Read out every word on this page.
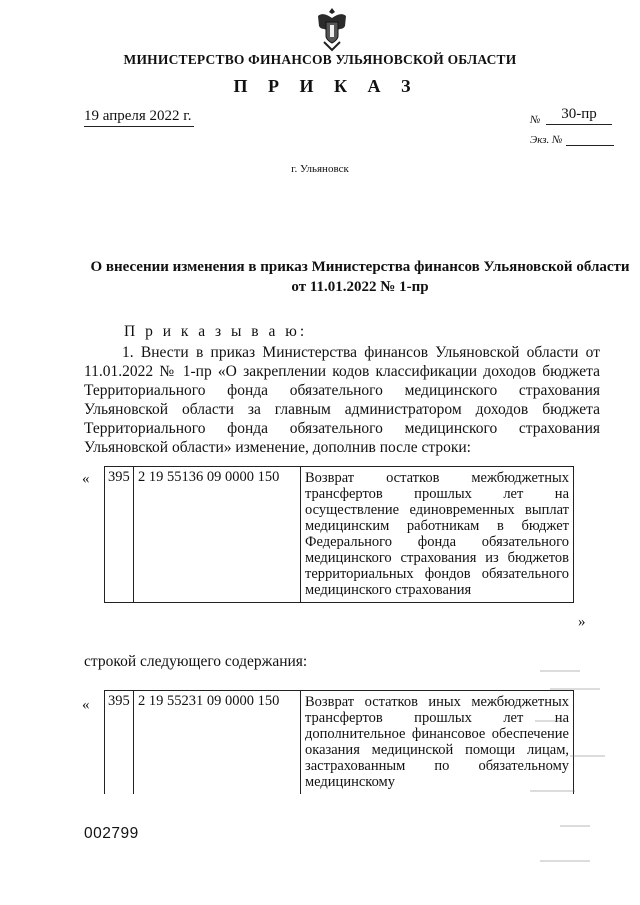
МИНИСТЕРСТВО ФИНАНСОВ УЛЬЯНОВСКОЙ ОБЛАСТИ
П Р И К А З
19 апреля 2022 г.	№	30-пр
Экз. №
г. Ульяновск
О внесении изменения в приказ Министерства финансов Ульяновской области от 11.01.2022 № 1-пр
П р и к а з ы в а ю:
1. Внести в приказ Министерства финансов Ульяновской области от 11.01.2022 № 1-пр «О закреплении кодов классификации доходов бюджета Территориального фонда обязательного медицинского страхования Ульяновской области за главным администратором доходов бюджета Территориального фонда обязательного медицинского страхования Ульяновской области» изменение, дополнив после строки:
« 395	2 19 55136 09 0000 150	Возврат остатков межбюджетных трансфертов прошлых лет на осуществление единовременных выплат медицинским работникам в бюджет Федерального фонда обязательного медицинского страхования из бюджетов территориальных фондов обязательного медицинского страхования
»
строкой следующего содержания:
« 395	2 19 55231 09 0000 150	Возврат остатков иных межбюджетных трансфертов прошлых лет на дополнительное финансовое обеспечение оказания медицинской помощи лицам, застрахованным по обязательному медицинскому
002799
